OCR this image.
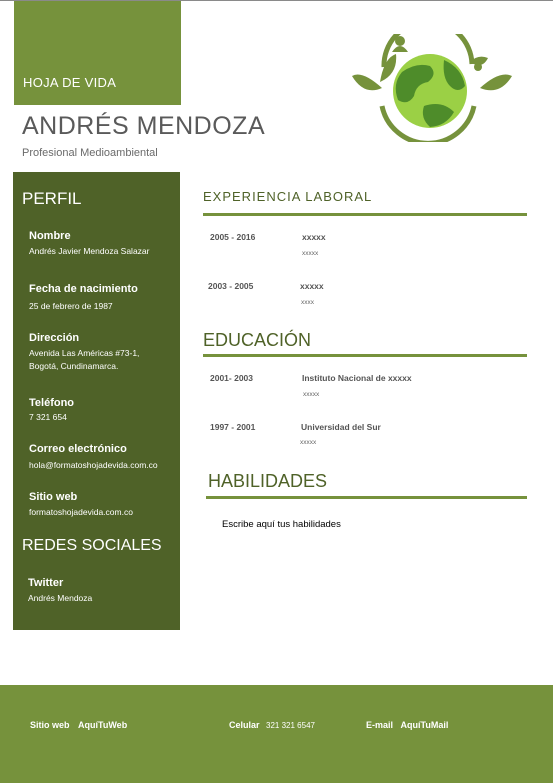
HOJA DE VIDA
ANDRÉS MENDOZA
Profesional Medioambiental
PERFIL
Nombre
Andrés Javier Mendoza Salazar
Fecha de nacimiento
25 de febrero de 1987
Dirección
Avenida Las Américas #73-1,
Bogotá, Cundinamarca.
Teléfono
7 321 654
Correo electrónico
hola@formatoshojadevida.com.co
Sitio web
formatoshojadevida.com.co
REDES SOCIALES
Twitter
Andrés Mendoza
EXPERIENCIA LABORAL
2005 - 2016	xxxxx
xxxxx
2003 - 2005	xxxxx
xxxx
EDUCACIÓN
2001- 2003	Instituto Nacional de xxxxx
xxxxx
1997 - 2001	Universidad del Sur
xxxxx
HABILIDADES
Escribe aquí tus habilidades
Sitio web AquíTuWeb	Celular 321 321 6547	E-mail AquíTuMail
